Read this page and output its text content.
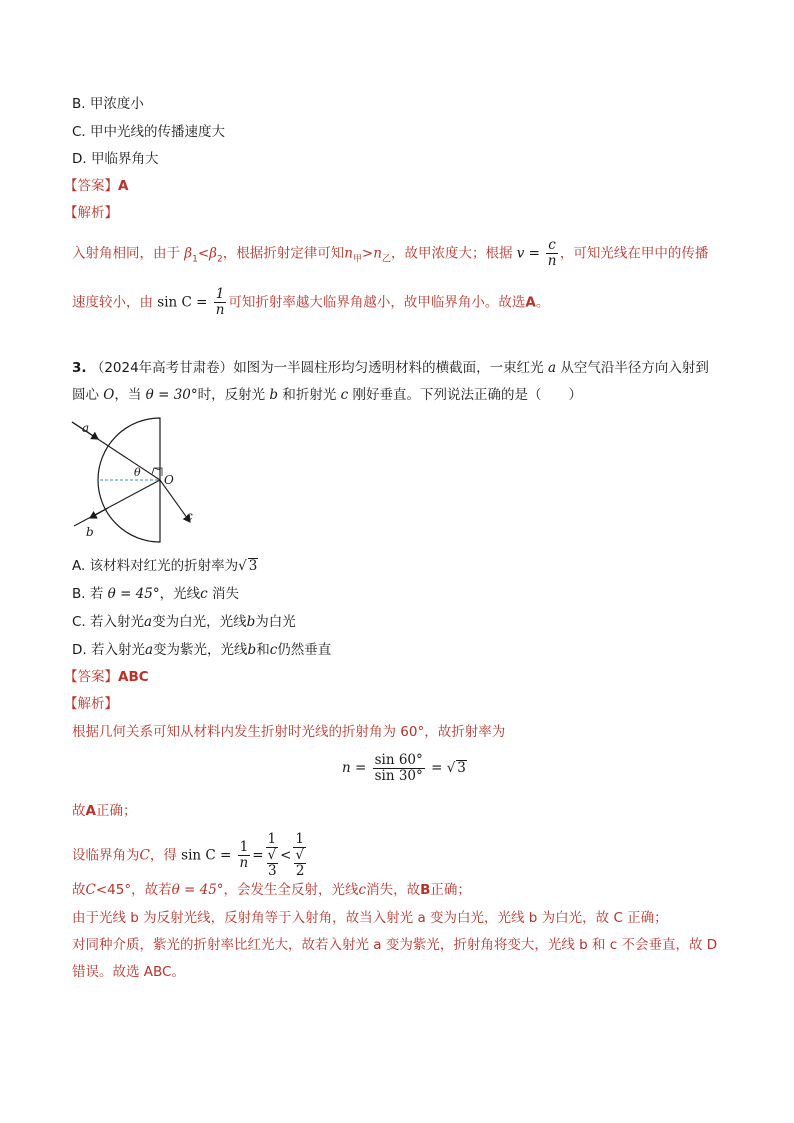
B. 甲浓度小
C. 甲中光线的传播速度大
D. 甲临界角大
【答案】A
【解析】
入射角相同，由于 $\beta_1<\beta_2$，根据折射定律可知$n_甲>n_乙$，故甲浓度大；根据 $v = \frac{c}{n}$ ，可知光线在甲中的传播
速度较小，由 $\sin C = \frac{1}{n}$ 可知折射率越大临界角越小，故甲临界角小。故选A。
3. （2024年高考甘肃卷）如图为一半圆柱形均匀透明材料的横截面，一束红光 a 从空气沿半径方向入射到
圆心 O，当 θ = 30°时，反射光 b 和折射光 c 刚好垂直。下列说法正确的是（　　）
a
b
c
O
θ
A. 该材料对红光的折射率为√ 3
B. 若 θ = 45°，光线c 消失
C. 若入射光a变为白光，光线b为白光
D. 若入射光a变为紫光，光线b和c仍然垂直
【答案】ABC
【解析】
根据几何关系可知从材料内发生折射时光线的折射角为 60°，故折射率为
$n = \frac{\sin 60^\circ}{\sin 30^\circ}$ = √ 3
故A正确；
设临界角为C，得 $\sin C = \frac{1}{n} = 1$
√
3 < 1
√
2
故C<45°，故若θ = 45°，会发生全反射，光线c消失，故B正确；
由于光线 b 为反射光线，反射角等于入射角，故当入射光 a 变为白光，光线 b 为白光，故 C 正确；
对同种介质，紫光的折射率比红光大，故若入射光 a 变为紫光，折射角将变大，光线 b 和 c 不会垂直，故 D
错误。故选 ABC。
